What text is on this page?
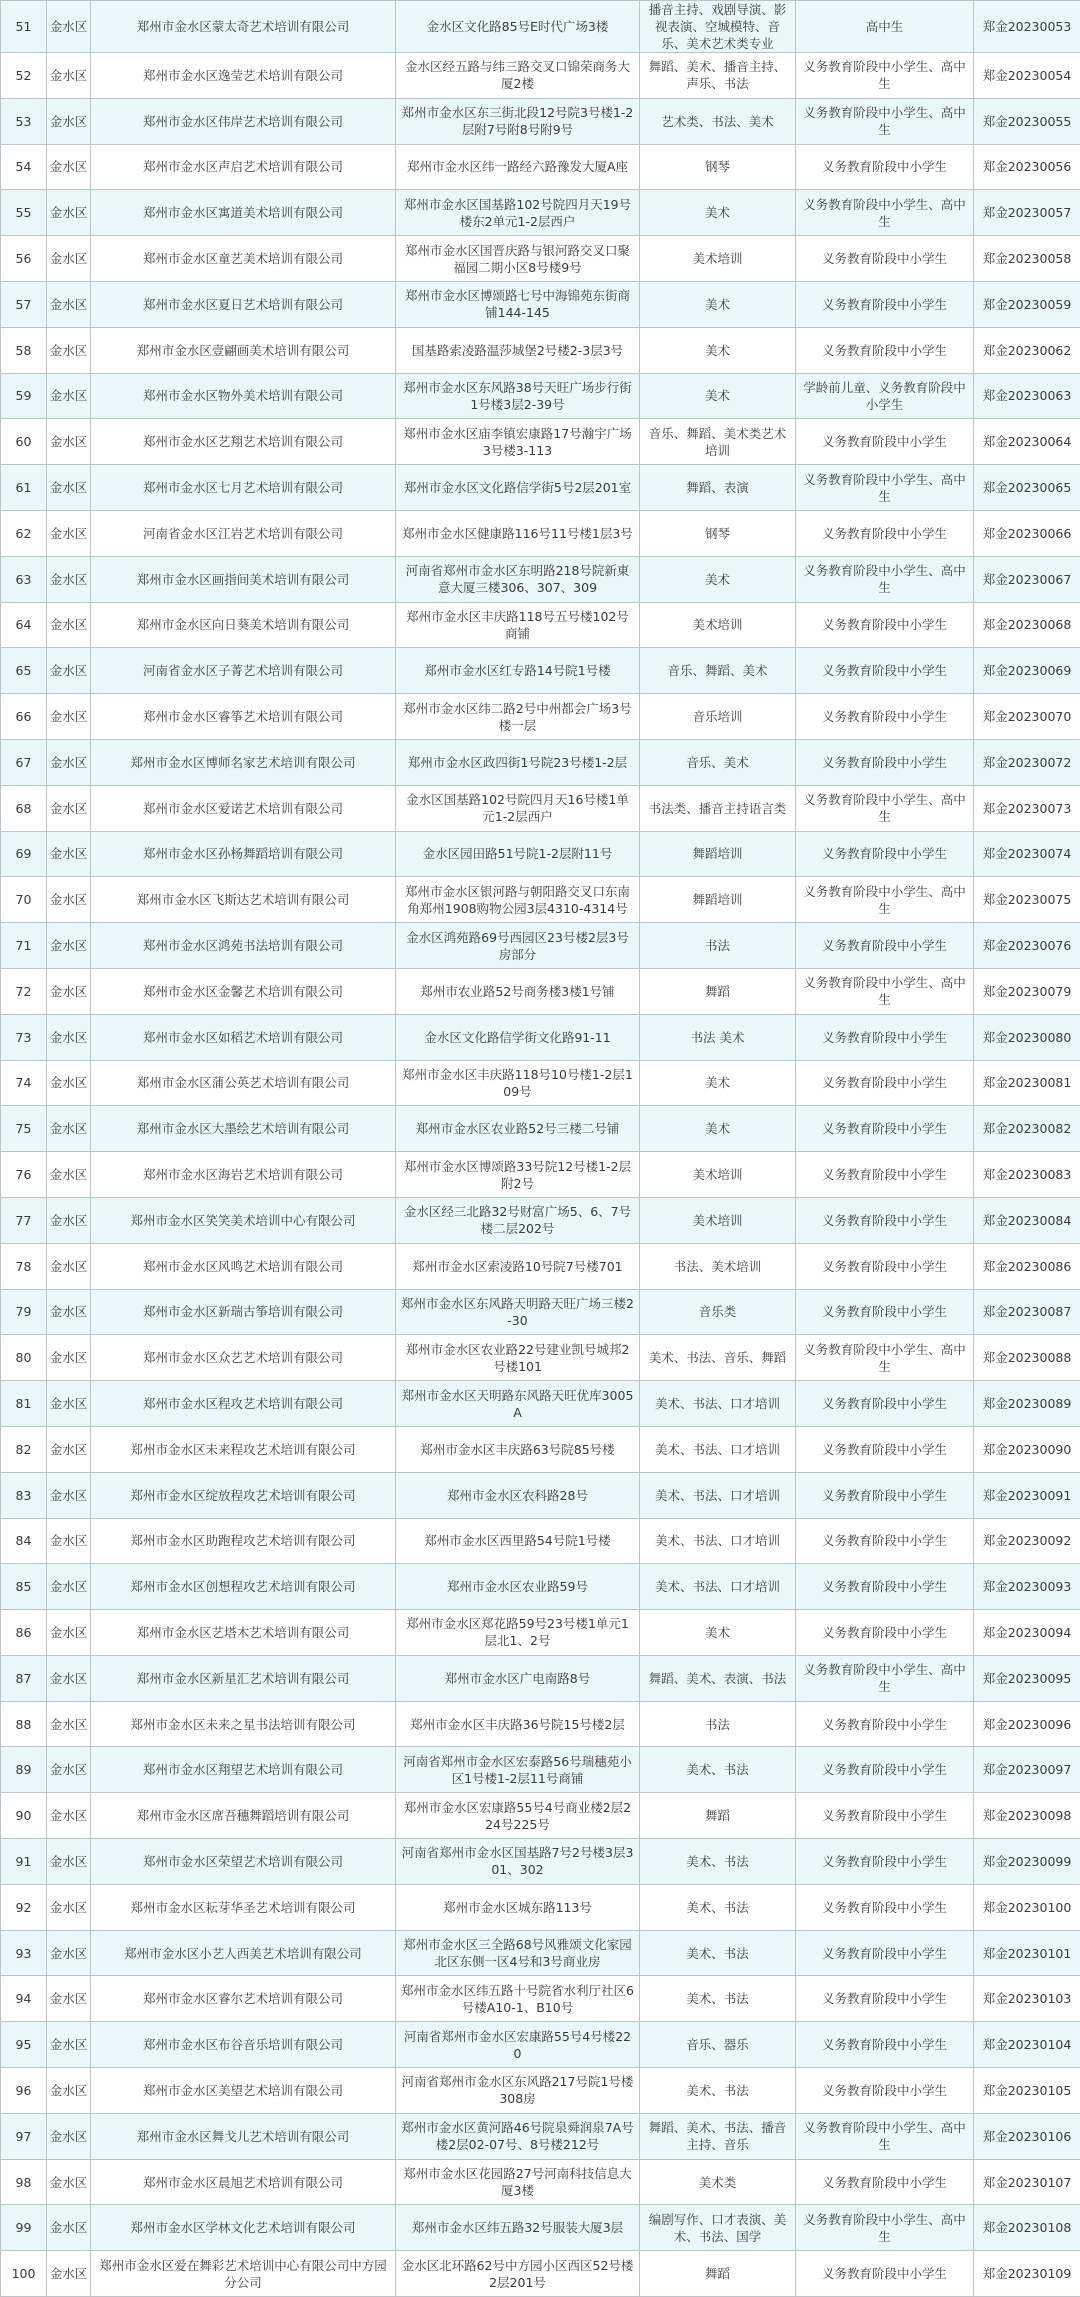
51	金水区	郑州市金水区蒙太奇艺术培训有限公司	金水区文化路85号E时代广场3楼	播音主持、戏剧导演、影视表演、空城模特、音乐、美术艺术类专业	高中生	郑金20230053
52	金水区	郑州市金水区逸莹艺术培训有限公司	金水区经五路与纬三路交叉口锦荣商务大厦2楼	舞蹈、美术、播音主持、声乐、书法	义务教育阶段中小学生、高中生	郑金20230054
53	金水区	郑州市金水区伟岸艺术培训有限公司	郑州市金水区东三街北段12号院3号楼1-2层附7号附8号附9号	艺术类、书法、美术	义务教育阶段中小学生、高中生	郑金20230055
54	金水区	郑州市金水区声启艺术培训有限公司	郑州市金水区纬一路经六路豫发大厦A座	钢琴	义务教育阶段中小学生	郑金20230056
55	金水区	郑州市金水区寓道美术培训有限公司	郑州市金水区国基路102号院四月天19号楼东2单元1-2层西户	美术	义务教育阶段中小学生、高中生	郑金20230057
56	金水区	郑州市金水区童艺美术培训有限公司	郑州市金水区国晋庆路与银河路交叉口聚福园二期小区8号楼9号	美术培训	义务教育阶段中小学生	郑金20230058
57	金水区	郑州市金水区夏日艺术培训有限公司	郑州市金水区博颂路七号中海锦苑东街商铺144-145	美术	义务教育阶段中小学生	郑金20230059
58	金水区	郑州市金水区壹翩画美术培训有限公司	国基路索凌路温莎城堡2号楼2-3层3号	美术	义务教育阶段中小学生	郑金20230062
59	金水区	郑州市金水区物外美术培训有限公司	郑州市金水区东风路38号天旺广场步行街1号楼3层2-39号	美术	学龄前儿童、义务教育阶段中小学生	郑金20230063
60	金水区	郑州市金水区艺翔艺术培训有限公司	郑州市金水区庙李镇宏康路17号瀚宇广场3号楼3-113	音乐、舞蹈、美术类艺术培训	义务教育阶段中小学生	郑金20230064
61	金水区	郑州市金水区七月艺术培训有限公司	郑州市金水区文化路信学街5号2层201室	舞蹈、表演	义务教育阶段中小学生、高中生	郑金20230065
62	金水区	河南省金水区江岩艺术培训有限公司	郑州市金水区健康路116号11号楼1层3号	钢琴	义务教育阶段中小学生	郑金20230066
63	金水区	郑州市金水区画指间美术培训有限公司	河南省郑州市金水区东明路218号院新東意大厦三楼306、307、309	美术	义务教育阶段中小学生、高中生	郑金20230067
64	金水区	郑州市金水区向日葵美术培训有限公司	郑州市金水区丰庆路118号五号楼102号商铺	美术培训	义务教育阶段中小学生	郑金20230068
65	金水区	河南省金水区子菁艺术培训有限公司	郑州市金水区红专路14号院1号楼	音乐、舞蹈、美术	义务教育阶段中小学生	郑金20230069
66	金水区	郑州市金水区睿筝艺术培训有限公司	郑州市金水区纬二路2号中州都会广场3号楼一层	音乐培训	义务教育阶段中小学生	郑金20230070
67	金水区	郑州市金水区博师名家艺术培训有限公司	郑州市金水区政四街1号院23号楼1-2层	音乐、美术	义务教育阶段中小学生	郑金20230072
68	金水区	郑州市金水区爱诺艺术培训有限公司	金水区国基路102号院四月天16号楼1单元1-2层西户	书法类、播音主持语言类	义务教育阶段中小学生、高中生	郑金20230073
69	金水区	郑州市金水区孙杨舞蹈培训有限公司	金水区园田路51号院1-2层附11号	舞蹈培训	义务教育阶段中小学生	郑金20230074
70	金水区	郑州市金水区飞斯达艺术培训有限公司	郑州市金水区银河路与朝阳路交叉口东南角郑州1908购物公园3层4310-4314号	舞蹈培训	义务教育阶段中小学生、高中生	郑金20230075
71	金水区	郑州市金水区鸿苑书法培训有限公司	金水区鸿苑路69号西园区23号楼2层3号房部分	书法	义务教育阶段中小学生	郑金20230076
72	金水区	郑州市金水区金馨艺术培训有限公司	郑州市农业路52号商务楼3楼1号铺	舞蹈	义务教育阶段中小学生、高中生	郑金20230079
73	金水区	郑州市金水区如稻艺术培训有限公司	金水区文化路信学街文化路91-11	书法 美术	义务教育阶段中小学生	郑金20230080
74	金水区	郑州市金水区蒲公英艺术培训有限公司	郑州市金水区丰庆路118号10号楼1-2层109号	美术	义务教育阶段中小学生	郑金20230081
75	金水区	郑州市金水区大墨绘艺术培训有限公司	郑州市金水区农业路52号三楼二号铺	美术	义务教育阶段中小学生	郑金20230082
76	金水区	郑州市金水区海岩艺术培训有限公司	郑州市金水区博颂路33号院12号楼1-2层附2号	美术培训	义务教育阶段中小学生	郑金20230083
77	金水区	郑州市金水区笑笑美术培训中心有限公司	金水区经三北路32号财富广场5、6、7号楼二层202号	美术培训	义务教育阶段中小学生	郑金20230084
78	金水区	郑州市金水区风鸣艺术培训有限公司	郑州市金水区索凌路10号院7号楼701	书法、美术培训	义务教育阶段中小学生	郑金20230086
79	金水区	郑州市金水区新瑞古筝培训有限公司	郑州市金水区东风路天明路天旺广场三楼2-30	音乐类	义务教育阶段中小学生	郑金20230087
80	金水区	郑州市金水区众艺艺术培训有限公司	郑州市金水区农业路22号建业凯号城邦2号楼101	美术、书法、音乐、舞蹈	义务教育阶段中小学生、高中生	郑金20230088
81	金水区	郑州市金水区程攻艺术培训有限公司	郑州市金水区天明路东风路天旺优库3005A	美术、书法、口才培训	义务教育阶段中小学生	郑金20230089
82	金水区	郑州市金水区未来程攻艺术培训有限公司	郑州市金水区丰庆路63号院85号楼	美术、书法、口才培训	义务教育阶段中小学生	郑金20230090
83	金水区	郑州市金水区绽放程攻艺术培训有限公司	郑州市金水区农科路28号	美术、书法、口才培训	义务教育阶段中小学生	郑金20230091
84	金水区	郑州市金水区助跑程攻艺术培训有限公司	郑州市金水区西里路54号院1号楼	美术、书法、口才培训	义务教育阶段中小学生	郑金20230092
85	金水区	郑州市金水区创想程攻艺术培训有限公司	郑州市金水区农业路59号	美术、书法、口才培训	义务教育阶段中小学生	郑金20230093
86	金水区	郑州市金水区艺塔木艺术培训有限公司	郑州市金水区郑花路59号23号楼1单元1层北1、2号	美术	义务教育阶段中小学生	郑金20230094
87	金水区	郑州市金水区新星汇艺术培训有限公司	郑州市金水区广电南路8号	舞蹈、美术、表演、书法	义务教育阶段中小学生、高中生	郑金20230095
88	金水区	郑州市金水区未来之星书法培训有限公司	郑州市金水区丰庆路36号院15号楼2层	书法	义务教育阶段中小学生	郑金20230096
89	金水区	郑州市金水区翔望艺术培训有限公司	河南省郑州市金水区宏泰路56号瑞穗苑小区1号楼1-2层11号商铺	美术、书法	义务教育阶段中小学生	郑金20230097
90	金水区	郑州市金水区席吾穗舞蹈培训有限公司	郑州市金水区宏康路55号4号商业楼2层224号225号	舞蹈	义务教育阶段中小学生	郑金20230098
91	金水区	郑州市金水区荣望艺术培训有限公司	河南省郑州市金水区国基路7号2号楼3层301、302	美术、书法	义务教育阶段中小学生	郑金20230099
92	金水区	郑州市金水区耘芽华圣艺术培训有限公司	郑州市金水区城东路113号	美术、书法	义务教育阶段中小学生	郑金20230100
93	金水区	郑州市金水区小艺人西美艺术培训有限公司	郑州市金水区三全路68号风雅颂文化家园北区东侧一区4号和3号商业房	美术、书法	义务教育阶段中小学生	郑金20230101
94	金水区	郑州市金水区睿尔艺术培训有限公司	郑州市金水区纬五路十号院省水利厅社区6号楼A10-1、B10号	美术、书法	义务教育阶段中小学生	郑金20230103
95	金水区	郑州市金水区布谷音乐培训有限公司	河南省郑州市金水区宏康路55号4号楼220	音乐、器乐	义务教育阶段中小学生	郑金20230104
96	金水区	郑州市金水区美望艺术培训有限公司	河南省郑州市金水区东风路217号院1号楼308房	美术、书法	义务教育阶段中小学生	郑金20230105
97	金水区	郑州市金水区舞戈儿艺术培训有限公司	郑州市金水区黄河路46号院泉舜润泉7A号楼2层02-07号、8号楼212号	舞蹈、美术、书法、播音主持、音乐	义务教育阶段中小学生、高中生	郑金20230106
98	金水区	郑州市金水区晨旭艺术培训有限公司	郑州市金水区花园路27号河南科技信息大厦3楼	美术类	义务教育阶段中小学生	郑金20230107
99	金水区	郑州市金水区学林文化艺术培训有限公司	郑州市金水区纬五路32号服装大厦3层	编剧写作、口才表演、美术、书法、国学	义务教育阶段中小学生、高中生	郑金20230108
100	金水区	郑州市金水区爱在舞彩艺术培训中心有限公司中方园分公司	金水区北环路62号中方园小区西区52号楼2层201号	舞蹈	义务教育阶段中小学生	郑金20230109
